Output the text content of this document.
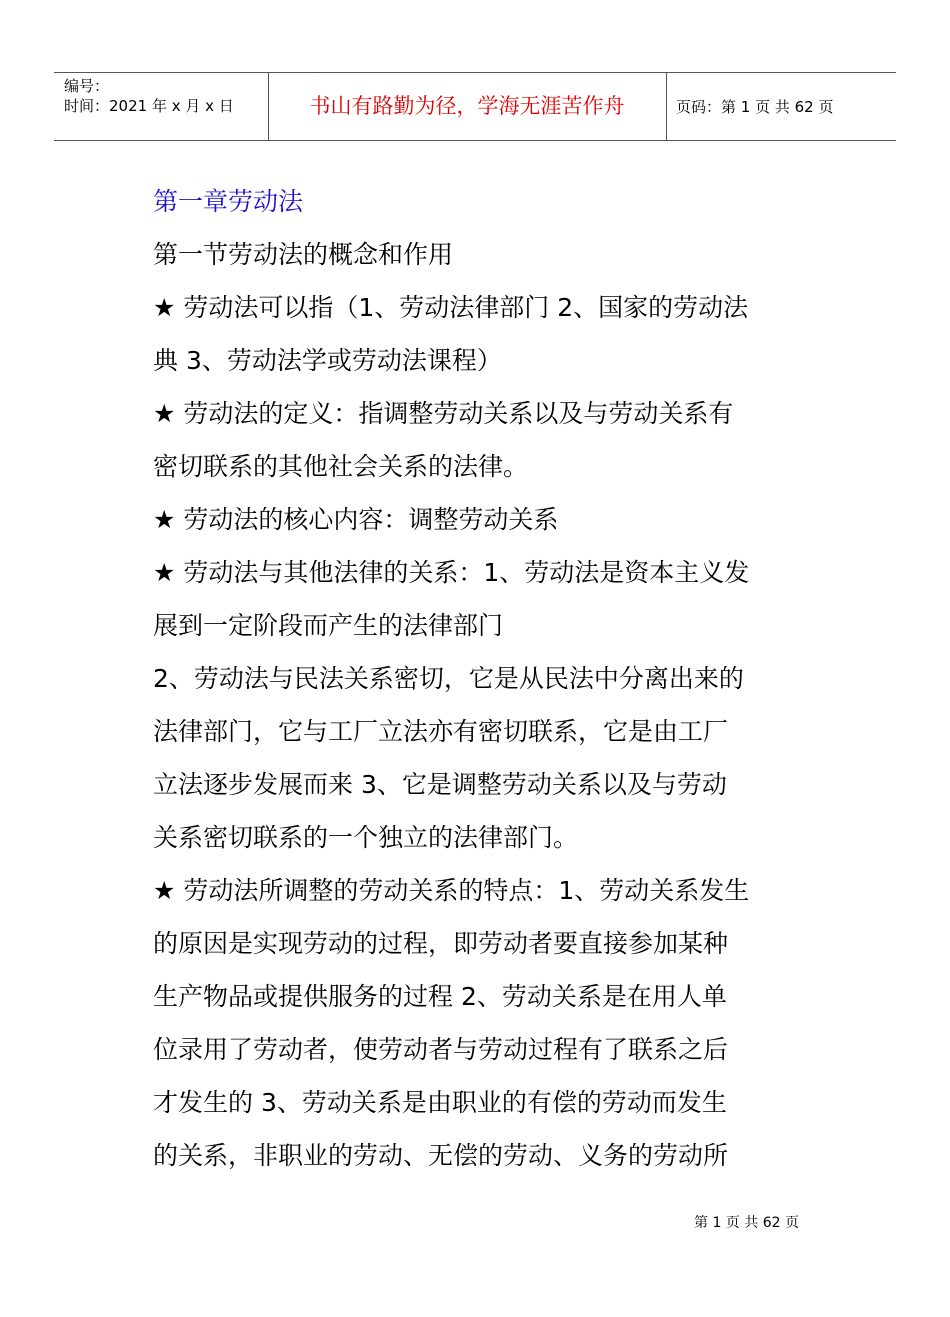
编号：
时间：2021 年 x 月 x 日	书山有路勤为径，学海无涯苦作舟	页码：第 1 页 共 62 页

第一章劳动法

第一节劳动法的概念和作用

★ 劳动法可以指（1、劳动法律部门 2、国家的劳动法

典 3、劳动法学或劳动法课程）

★ 劳动法的定义：指调整劳动关系以及与劳动关系有

密切联系的其他社会关系的法律。

★ 劳动法的核心内容：调整劳动关系

★ 劳动法与其他法律的关系：1、劳动法是资本主义发

展到一定阶段而产生的法律部门

2、劳动法与民法关系密切，它是从民法中分离出来的

法律部门，它与工厂立法亦有密切联系，它是由工厂

立法逐步发展而来 3、它是调整劳动关系以及与劳动

关系密切联系的一个独立的法律部门。

★ 劳动法所调整的劳动关系的特点：1、劳动关系发生

的原因是实现劳动的过程，即劳动者要直接参加某种

生产物品或提供服务的过程 2、劳动关系是在用人单

位录用了劳动者，使劳动者与劳动过程有了联系之后

才发生的 3、劳动关系是由职业的有偿的劳动而发生

的关系，非职业的劳动、无偿的劳动、义务的劳动所

第 1 页 共 62 页
